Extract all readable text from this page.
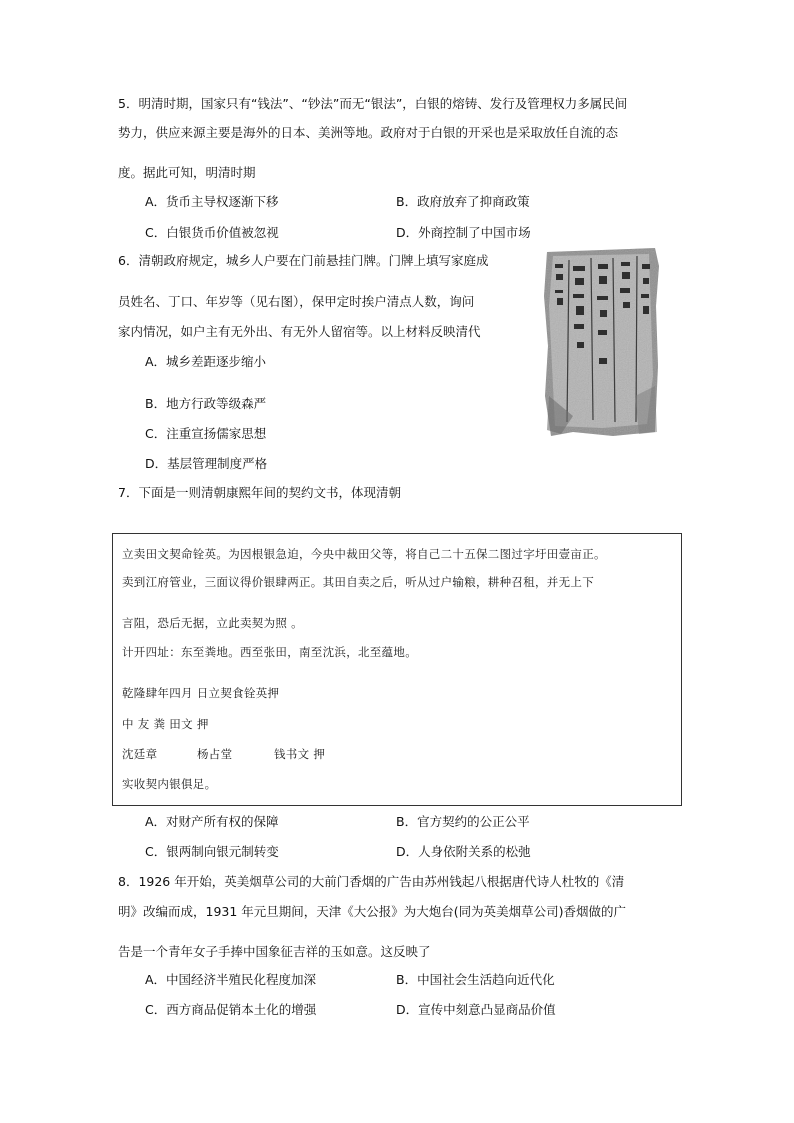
5．明清时期，国家只有“钱法”、“钞法”而无“银法”，白银的熔铸、发行及管理权力多属民间
势力，供应来源主要是海外的日本、美洲等地。政府对于白银的开采也是采取放任自流的态
度。据此可知，明清时期
A．货币主导权逐渐下移	B．政府放弃了抑商政策
C．白银货币价值被忽视	D．外商控制了中国市场
6．清朝政府规定，城乡人户要在门前悬挂门牌。门牌上填写家庭成
员姓名、丁口、年岁等（见右图），保甲定时挨户清点人数，询问
家内情况，如户主有无外出、有无外人留宿等。以上材料反映清代
A．城乡差距逐步缩小
B．地方行政等级森严
C．注重宣扬儒家思想
D．基层管理制度严格
7．下面是一则清朝康熙年间的契约文书，体现清朝
立卖田文契命铨英。为因根银急迫，今央中裁田父等，将自己二十五保二图过字圩田壹亩正。
卖到江府管业，三面议得价银肆两正。其田自卖之后，听从过户输粮，耕种召租，并无上下
言阻，恐后无据，立此卖契为照 。
计开四址：东至粪地。西至张田，南至沈浜，北至蕴地。
乾隆肆年四月 日立契食铨英押
中 友 粪 田文 押
沈廷章	杨占堂	钱书文 押
实收契内银俱足。
A．对财产所有权的保障	B．官方契约的公正公平
C．银两制向银元制转变	D．人身依附关系的松弛
8．1926 年开始，英美烟草公司的大前门香烟的广告由苏州钱起八根据唐代诗人杜牧的《清
明》改编而成，1931 年元旦期间，天津《大公报》为大炮台(同为英美烟草公司)香烟做的广
告是一个青年女子手捧中国象征吉祥的玉如意。这反映了
A．中国经济半殖民化程度加深	B．中国社会生活趋向近代化
C．西方商品促销本土化的增强	D．宣传中刻意凸显商品价值
